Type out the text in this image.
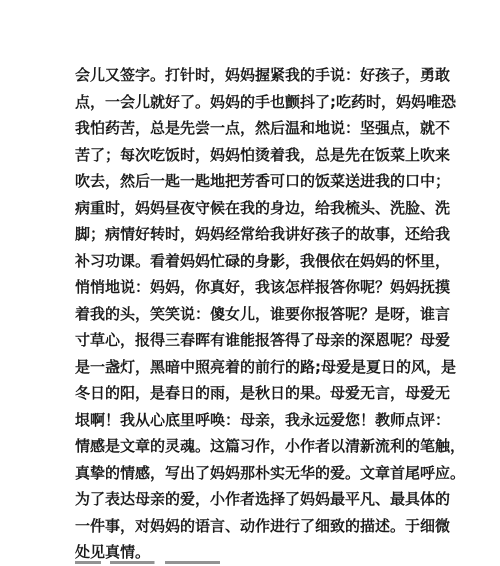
会儿又签字。打针时，妈妈握紧我的手说：好孩子，勇敢
点，一会儿就好了。妈妈的手也颤抖了;吃药时，妈妈唯恐
我怕药苦，总是先尝一点，然后温和地说：坚强点，就不
苦了；每次吃饭时，妈妈怕烫着我，总是先在饭菜上吹来
吹去，然后一匙一匙地把芳香可口的饭菜送进我的口中；
病重时，妈妈昼夜守候在我的身边，给我梳头、洗脸、洗
脚；病情好转时，妈妈经常给我讲好孩子的故事，还给我
补习功课。看着妈妈忙碌的身影，我偎依在妈妈的怀里，
悄悄地说：妈妈，你真好，我该怎样报答你呢？妈妈抚摸
着我的头，笑笑说：傻女儿，谁要你报答呢？是呀，谁言
寸草心，报得三春晖有谁能报答得了母亲的深恩呢？母爱
是一盏灯，黑暗中照亮着的前行的路;母爱是夏日的风，是
冬日的阳，是春日的雨，是秋日的果。母爱无言，母爱无
垠啊！我从心底里呼唤：母亲，我永远爱您！教师点评：
情感是文章的灵魂。这篇习作，小作者以清新流利的笔触，
真挚的情感，写出了妈妈那朴实无华的爱。文章首尾呼应。
为了表达母亲的爱，小作者选择了妈妈最平凡、最具体的
一件事，对妈妈的语言、动作进行了细致的描述。于细微
处见真情。
